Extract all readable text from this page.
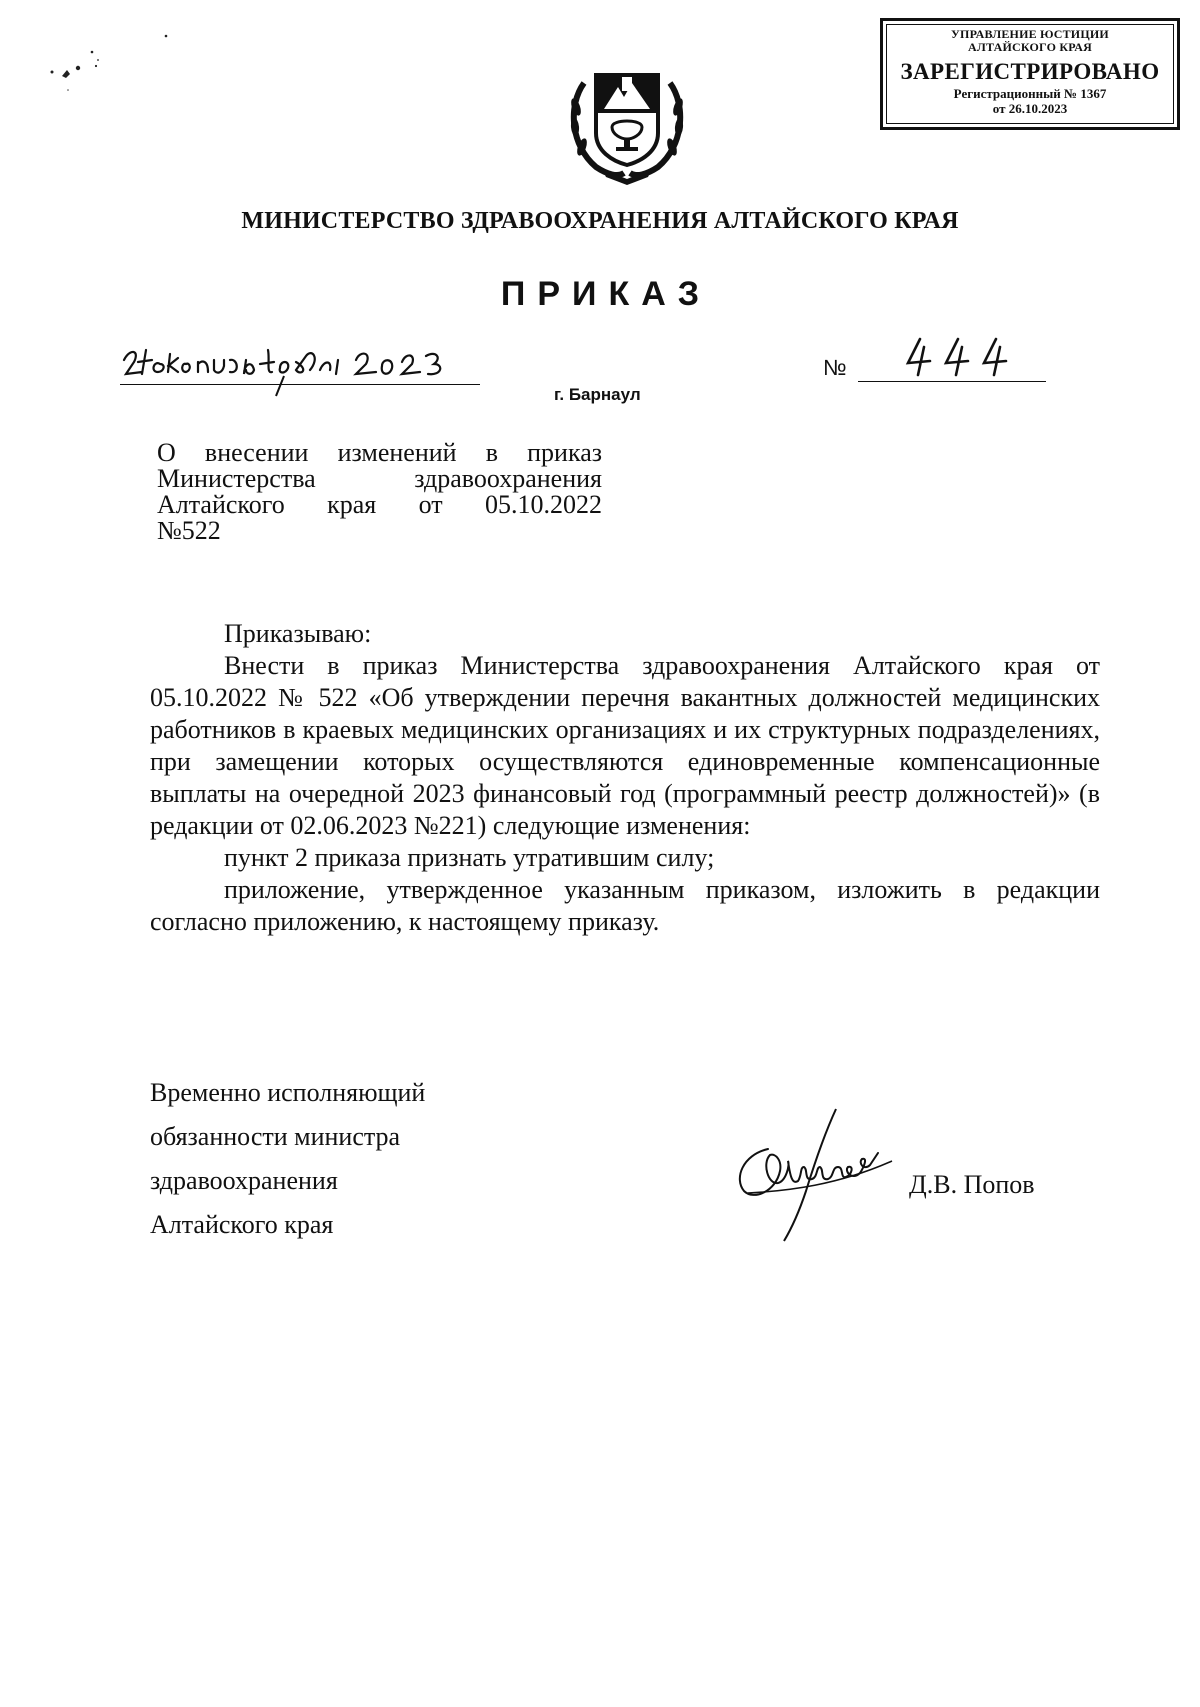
УПРАВЛЕНИЕ ЮСТИЦИИ
АЛТАЙСКОГО КРАЯ
ЗАРЕГИСТРИРОВАНО
Регистрационный № 1367
от 26.10.2023
МИНИСТЕРСТВО ЗДРАВООХРАНЕНИЯ АЛТАЙСКОГО КРАЯ
ПРИКАЗ
№
г. Барнаул
О внесении изменений в приказ
Министерства здравоохранения
Алтайского края от 05.10.2022
№522

Приказываю:

Внести в приказ Министерства здравоохранения Алтайского края от 05.10.2022 № 522 «Об утверждении перечня вакантных должностей медицинских работников в краевых медицинских организациях и их структурных подразделениях, при замещении которых осуществляются единовременные компенсационные выплаты на очередной 2023 финансовый год (программный реестр должностей)» (в редакции от 02.06.2023 №221) следующие изменения:

пункт 2 приказа признать утратившим силу;

приложение, утвержденное указанным приказом, изложить в редакции согласно приложению, к настоящему приказу.

Временно исполняющий
обязанности министра
здравоохранения
Алтайского края
Д.В. Попов
